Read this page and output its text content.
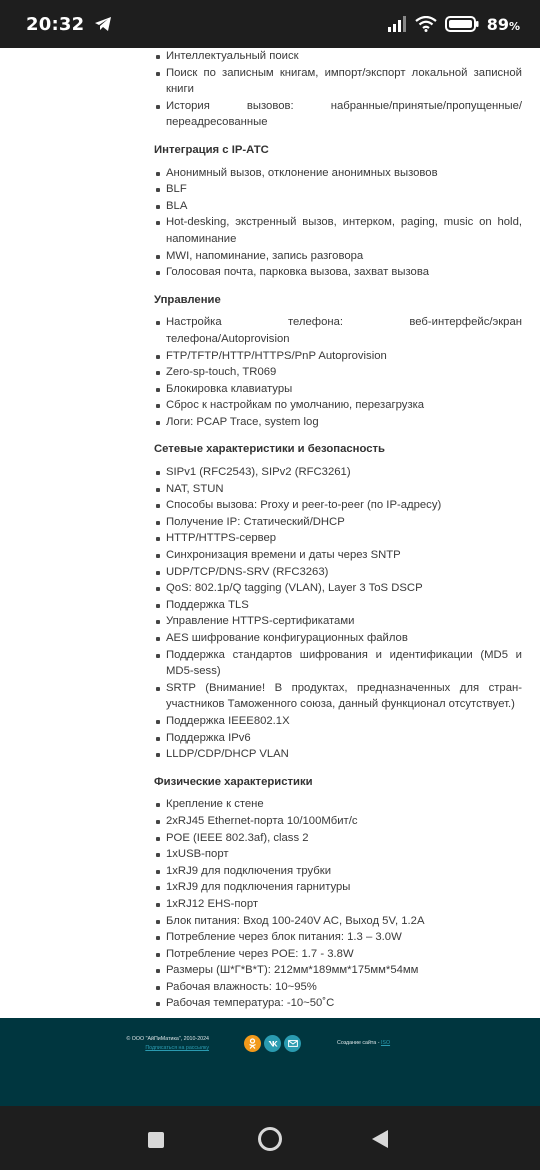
20:32	89%
Интеллектуальный поиск
Поиск по записным книгам, импорт/экспорт локальной записной книги
История вызовов: набранные/принятые/пропущенные/переадресованные
Интеграция с IP-АТС
Анонимный вызов, отклонение анонимных вызовов
BLF
BLA
Hot-desking, экстренный вызов, интерком, paging, music on hold, напоминание
MWI, напоминание, запись разговора
Голосовая почта, парковка вызова, захват вызова
Управление
Настройка телефона: веб-интерфейс/экран телефона/Autoprovision
FTP/TFTP/HTTP/HTTPS/PnP Autoprovision
Zero-sp-touch, TR069
Блокировка клавиатуры
Сброс к настройкам по умолчанию, перезагрузка
Логи: PCAP Trace, system log
Сетевые характеристики и безопасность
SIPv1 (RFC2543), SIPv2 (RFC3261)
NAT, STUN
Способы вызова: Proxy и peer-to-peer (по IP-адресу)
Получение IP: Статический/DHCP
HTTP/HTTPS-сервер
Синхронизация времени и даты через SNTP
UDP/TCP/DNS-SRV (RFC3263)
QoS: 802.1p/Q tagging (VLAN), Layer 3 ToS DSCP
Поддержка TLS
Управление HTTPS-сертификатами
AES шифрование конфигурационных файлов
Поддержка стандартов шифрования и идентификации (MD5 и MD5-sess)
SRTP (Внимание! В продуктах, предназначенных для стран-участников Таможенного союза, данный функционал отсутствует.)
Поддержка IEEE802.1X
Поддержка IPv6
LLDP/CDP/DHCP VLAN
Физические характеристики
Крепление к стене
2xRJ45 Ethernet-порта 10/100Мбит/с
POE (IEEE 802.3af), class 2
1xUSB-порт
1xRJ9 для подключения трубки
1xRJ9 для подключения гарнитуры
1xRJ12 EHS-порт
Блок питания: Вход 100-240V AC, Выход 5V, 1.2A
Потребление через блок питания: 1.3 – 3.0W
Потребление через POE: 1.7 - 3.8W
Размеры (Ш*Г*В*Т): 212мм*189мм*175мм*54мм
Рабочая влажность: 10~95%
Рабочая температура: -10~50˚C
© ООО "АйПиМатика", 2010-2024
Подписаться на рассылку
Создание сайта - ISO
